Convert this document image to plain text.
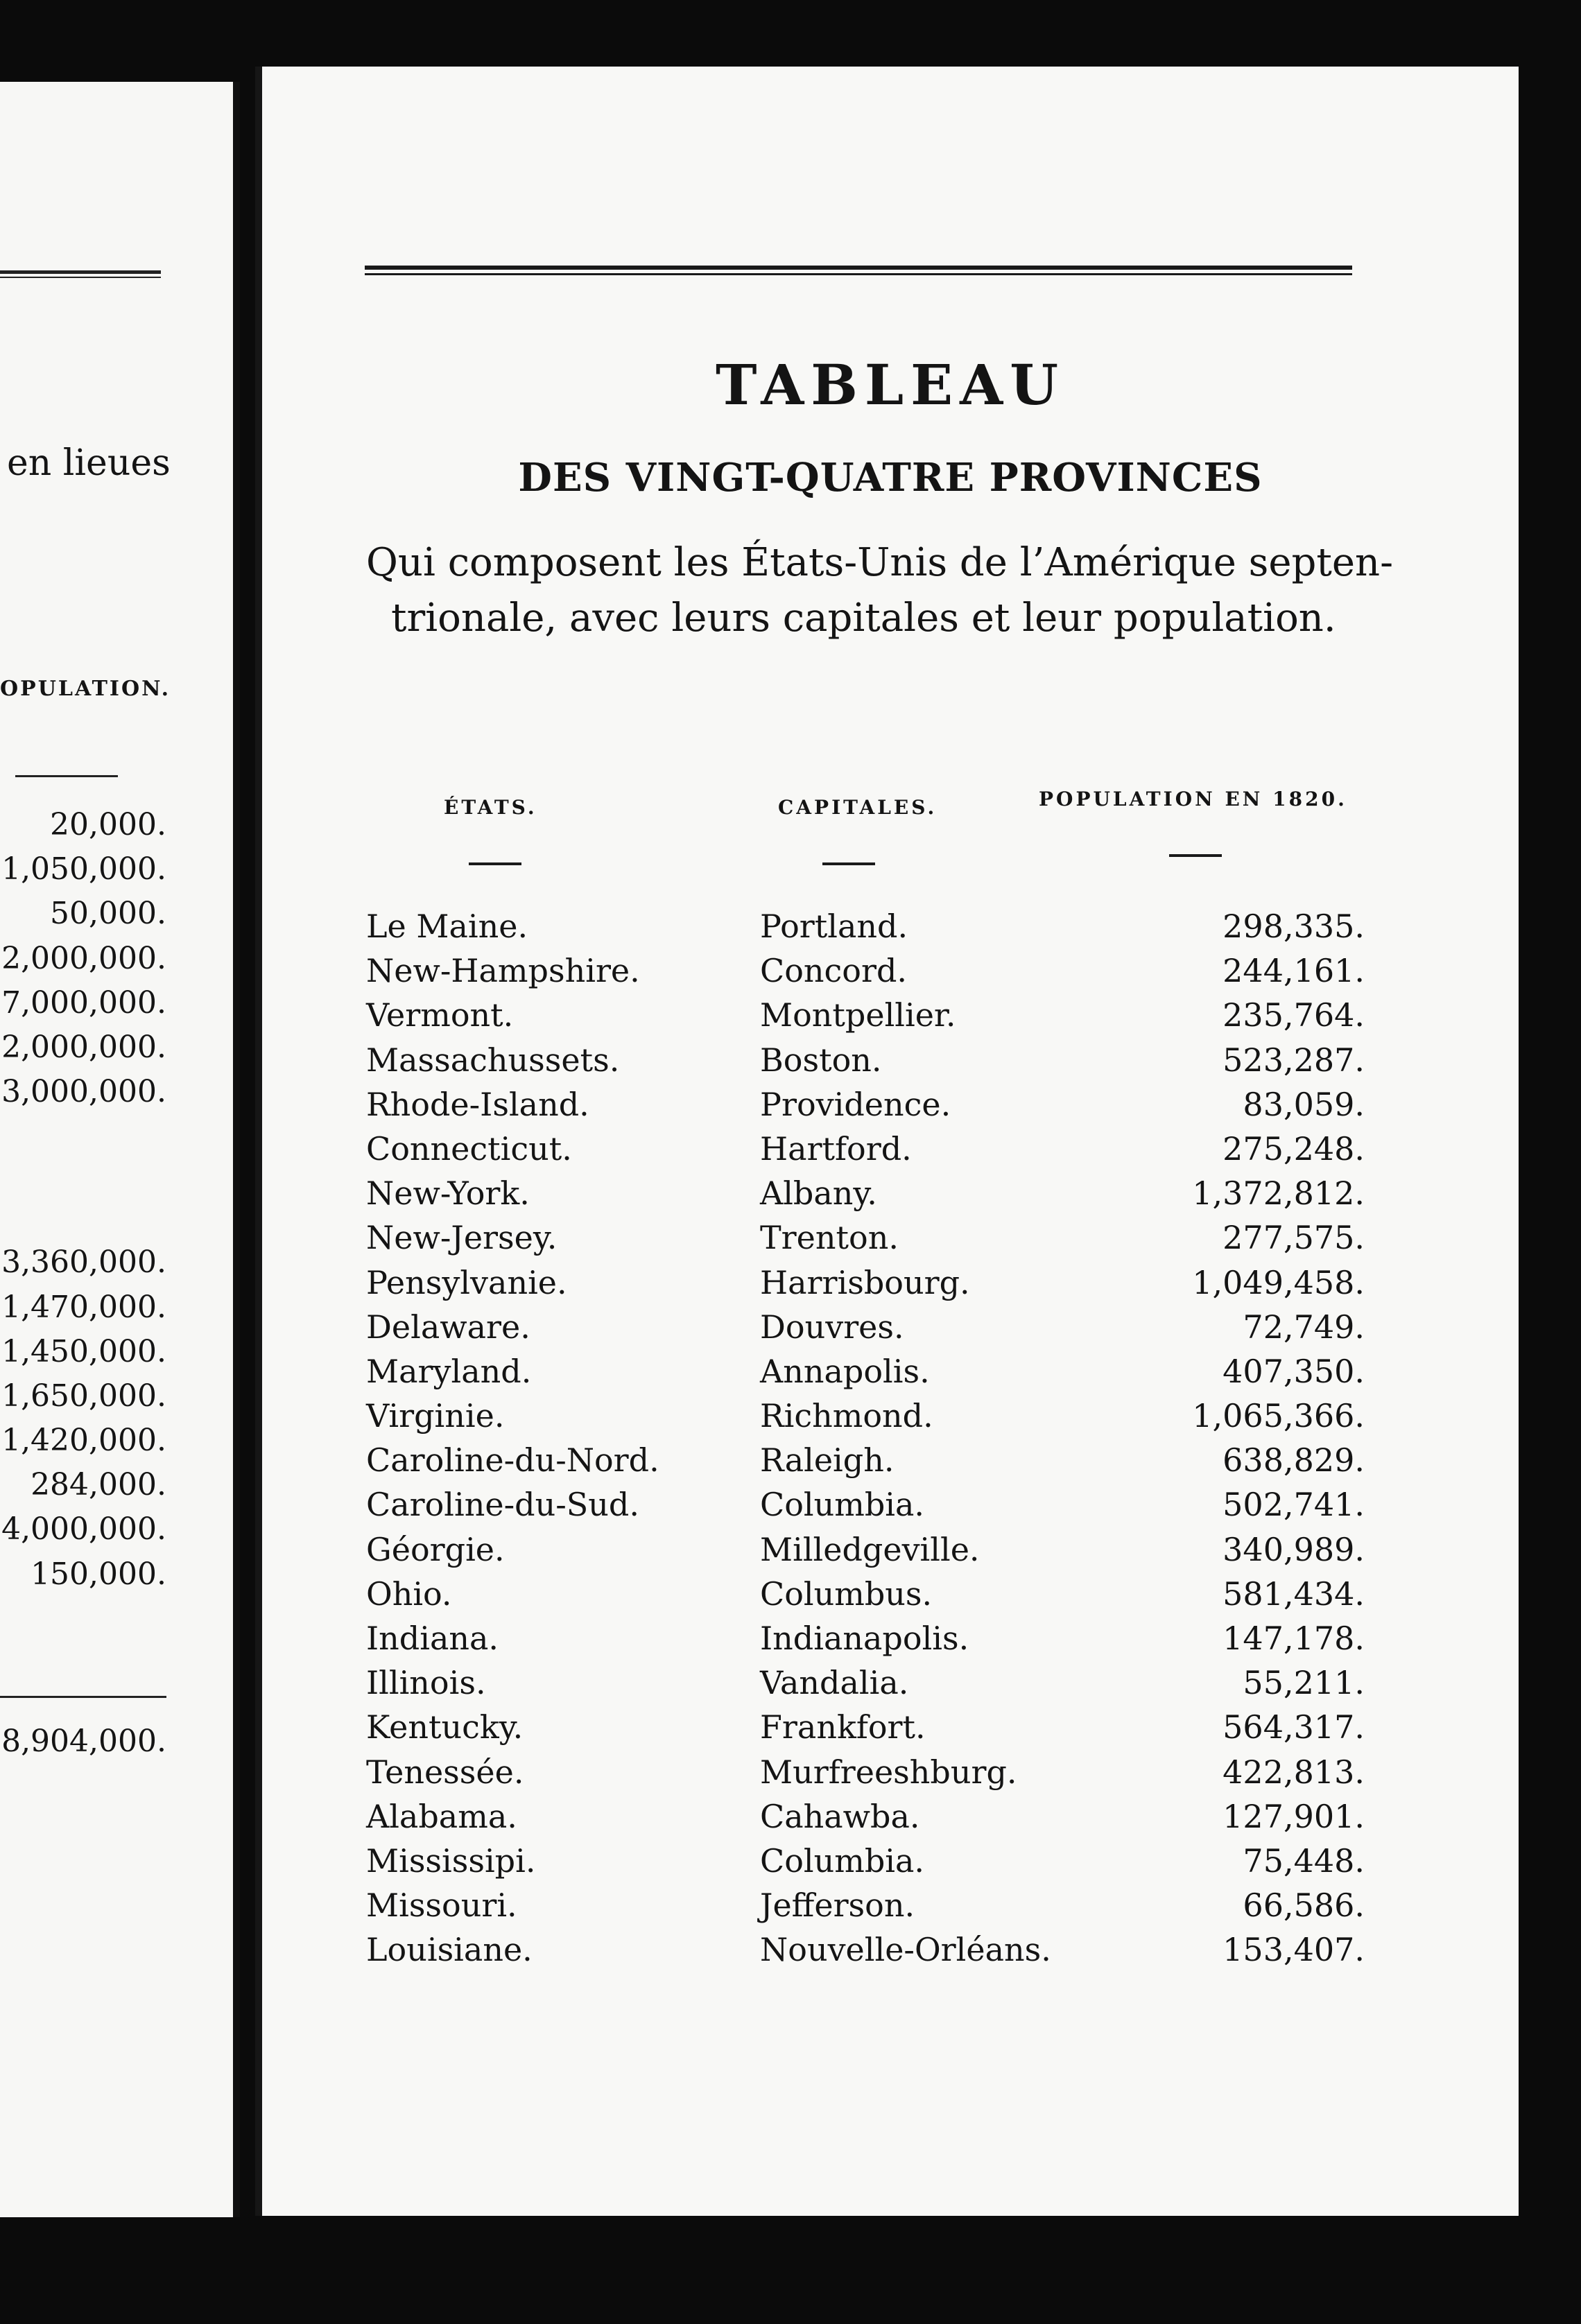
en lieues
OPULATION.
20,000.
1,050,000.
50,000.
2,000,000.
7,000,000.
2,000,000.
3,000,000.
3,360,000.
1,470,000.
1,450,000.
1,650,000.
1,420,000.
284,000.
4,000,000.
150,000.
8,904,000.
TABLEAU
DES VINGT-QUATRE PROVINCES
Qui composent les États-Unis de l’Amérique septen-
trionale, avec leurs capitales et leur population.
ÉTATS.	CAPITALES.	POPULATION EN 1820.
Le Maine.	Portland.	298,335.
New-Hampshire.	Concord.	244,161.
Vermont.	Montpellier.	235,764.
Massachussets.	Boston.	523,287.
Rhode-Island.	Providence.	83,059.
Connecticut.	Hartford.	275,248.
New-York.	Albany.	1,372,812.
New-Jersey.	Trenton.	277,575.
Pensylvanie.	Harrisbourg.	1,049,458.
Delaware.	Douvres.	72,749.
Maryland.	Annapolis.	407,350.
Virginie.	Richmond.	1,065,366.
Caroline-du-Nord.	Raleigh.	638,829.
Caroline-du-Sud.	Columbia.	502,741.
Géorgie.	Milledgeville.	340,989.
Ohio.	Columbus.	581,434.
Indiana.	Indianapolis.	147,178.
Illinois.	Vandalia.	55,211.
Kentucky.	Frankfort.	564,317.
Tenessée.	Murfreeshburg.	422,813.
Alabama.	Cahawba.	127,901.
Mississipi.	Columbia.	75,448.
Missouri.	Jefferson.	66,586.
Louisiane.	Nouvelle-Orléans.	153,407.
